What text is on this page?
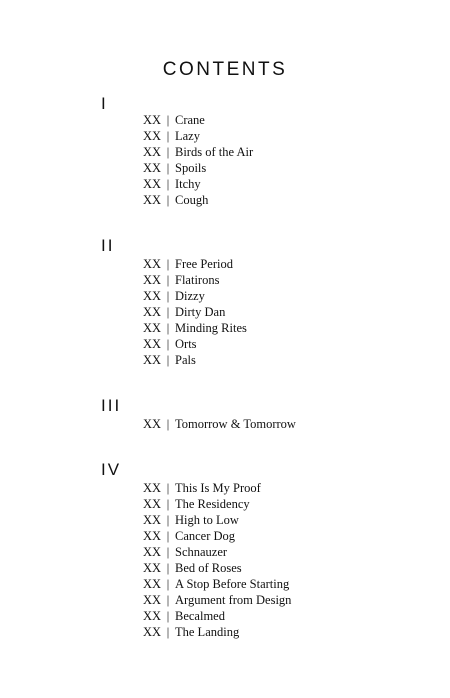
CONTENTS
I
XX | Crane
XX | Lazy
XX | Birds of the Air
XX | Spoils
XX | Itchy
XX | Cough
II
XX | Free Period
XX | Flatirons
XX | Dizzy
XX | Dirty Dan
XX | Minding Rites
XX | Orts
XX | Pals
III
XX | Tomorrow & Tomorrow
IV
XX | This Is My Proof
XX | The Residency
XX | High to Low
XX | Cancer Dog
XX | Schnauzer
XX | Bed of Roses
XX | A Stop Before Starting
XX | Argument from Design
XX | Becalmed
XX | The Landing
